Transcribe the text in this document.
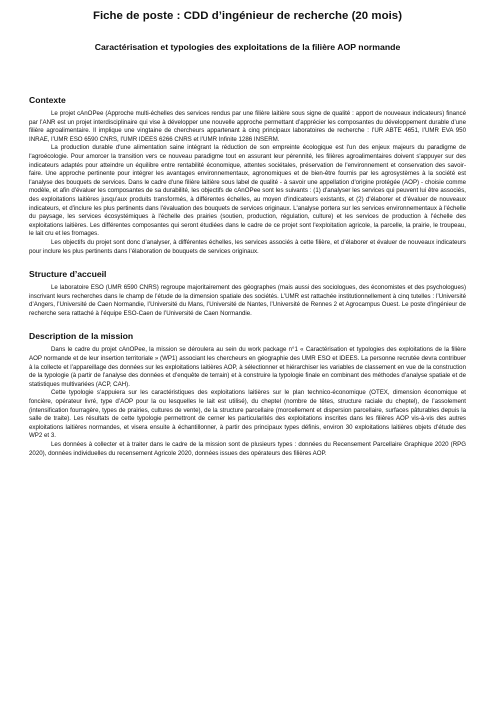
Fiche de poste : CDD d’ingénieur de recherche (20 mois)
Caractérisation et typologies des exploitations de la filière AOP normande
Contexte

Le projet cAnOPee (Approche multi-échelles des services rendus par une filière laitière sous signe de qualité : apport de nouveaux indicateurs) financé par l’ANR est un projet interdisciplinaire qui vise à développer une nouvelle approche permettant d’apprécier les composantes du développement durable d’une filière agroalimentaire. Il implique une vingtaine de chercheurs appartenant à cinq principaux laboratoires de recherche : l’UR ABTE 4651, l’UMR EVA 950 INRAE, l’UMR ESO 6590 CNRS, l’UMR IDEES 6266 CNRS et l’UMR Infinite 1286 INSERM.

La production durable d'une alimentation saine intégrant la réduction de son empreinte écologique est l'un des enjeux majeurs du paradigme de l'agroécologie. Pour amorcer la transition vers ce nouveau paradigme tout en assurant leur pérennité, les filières agroalimentaires doivent s'appuyer sur des indicateurs adaptés pour atteindre un équilibre entre rentabilité économique, attentes sociétales, préservation de l'environnement et conservation des savoir-faire. Une approche pertinente pour intégrer les avantages environnementaux, agronomiques et de bien-être fournis par les agrosystèmes à la société est l'analyse des bouquets de services. Dans le cadre d'une filière laitière sous label de qualité - à savoir une appellation d'origine protégée (AOP) - choisie comme modèle, et afin d'évaluer les composantes de sa durabilité, les objectifs de cAnOPee sont les suivants : (1) d'analyser les services qui peuvent lui être associés, des exploitations laitières jusqu'aux produits transformés, à différentes échelles, au moyen d'indicateurs existants, et (2) d'élaborer et d'évaluer de nouveaux indicateurs, et d'inclure les plus pertinents dans l'évaluation des bouquets de services originaux. L'analyse portera sur les services environnementaux à l'échelle du paysage, les services écosystémiques à l'échelle des prairies (soutien, production, régulation, culture) et les services de production à l'échelle des exploitations laitières. Les différentes composantes qui seront étudiées dans le cadre de ce projet sont l'exploitation agricole, la parcelle, la prairie, le troupeau, le lait cru et les fromages.

Les objectifs du projet sont donc d’analyser, à différentes échelles, les services associés à cette filière, et d’élaborer et évaluer de nouveaux indicateurs pour inclure les plus pertinents dans l’élaboration de bouquets de services originaux.

Structure d’accueil

Le laboratoire ESO (UMR 6590 CNRS) regroupe majoritairement des géographes (mais aussi des sociologues, des économistes et des psychologues) inscrivant leurs recherches dans le champ de l’étude de la dimension spatiale des sociétés. L’UMR est rattachée institutionnellement à cinq tutelles : l’Université d’Angers, l’Université de Caen Normandie, l’Université du Mans, l’Université de Nantes, l’Université de Rennes 2 et Agrocampus Ouest. Le poste d’ingénieur de recherche sera rattaché à l’équipe ESO-Caen de l’Université de Caen Normandie.

Description de la mission

Dans le cadre du projet cAnOPee, la mission se déroulera au sein du work package n°1 « Caractérisation et typologies des exploitations de la filière AOP normande et de leur insertion territoriale » (WP1) associant les chercheurs en géographie des UMR ESO et IDEES. La personne recrutée devra contribuer à la collecte et l’appareillage des données sur les exploitations laitières AOP, à sélectionner et hiérarchiser les variables de classement en vue de la construction de la typologie (à partir de l’analyse des données et d’enquête de terrain) et à construire la typologie finale en combinant des méthodes d’analyse spatiale et de statistiques multivariées (ACP, CAH).

Cette typologie s’appuiera sur les caractéristiques des exploitations laitières sur le plan technico-économique (OTEX, dimension économique et foncière, opérateur livré, type d’AOP pour la ou lesquelles le lait est utilisé), du cheptel (nombre de têtes, structure raciale du cheptel), de l’assolement (intensification fourragère, types de prairies, cultures de vente), de la structure parcellaire (morcellement et dispersion parcellaire, surfaces pâturables depuis la salle de traite). Les résultats de cette typologie permettront de cerner les particularités des exploitations inscrites dans les filières AOP vis-à-vis des autres exploitations laitières normandes, et visera ensuite à échantillonner, à partir des principaux types définis, environ 30 exploitations laitières objets d’étude des WP2 et 3.

Les données à collecter et à traiter dans le cadre de la mission sont de plusieurs types : données du Recensement Parcellaire Graphique 2020 (RPG 2020), données individuelles du recensement Agricole 2020, données issues des opérateurs des filières AOP.
